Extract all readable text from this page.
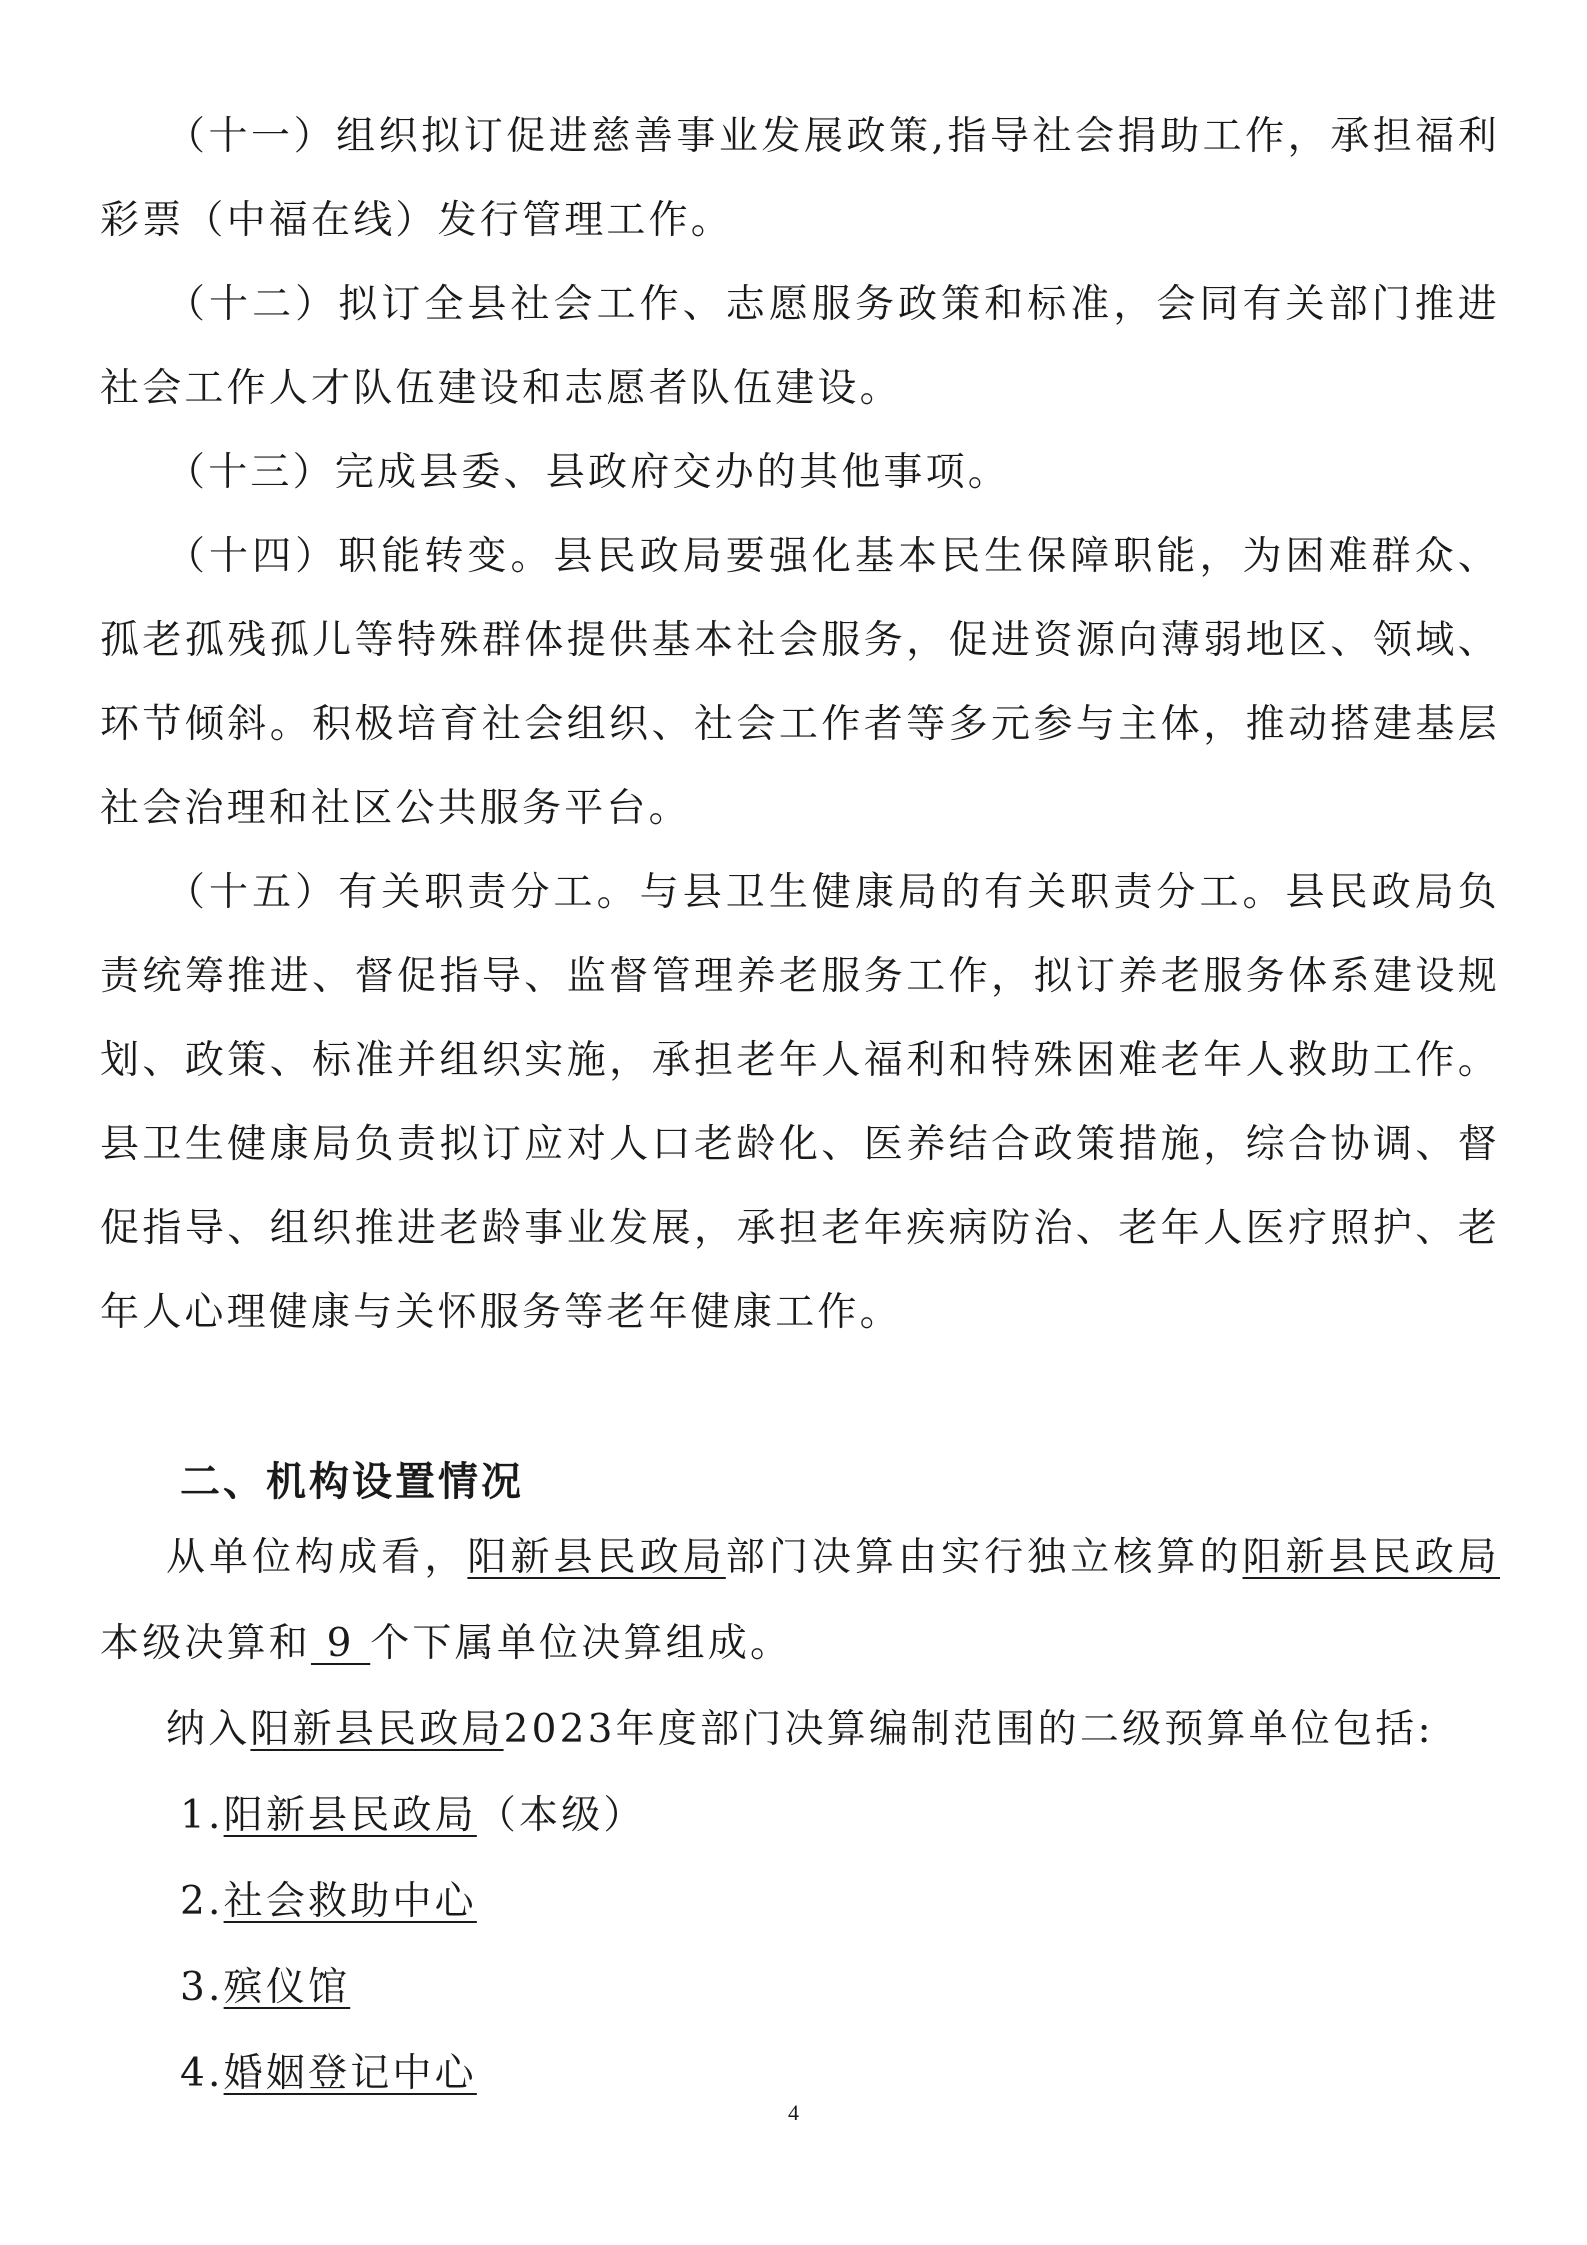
（十一）组织拟订促进慈善事业发展政策,指导社会捐助工作，承担福利彩票（中福在线）发行管理工作。

（十二）拟订全县社会工作、志愿服务政策和标准，会同有关部门推进社会工作人才队伍建设和志愿者队伍建设。

（十三）完成县委、县政府交办的其他事项。

（十四）职能转变。县民政局要强化基本民生保障职能，为困难群众、孤老孤残孤儿等特殊群体提供基本社会服务，促进资源向薄弱地区、领域、环节倾斜。积极培育社会组织、社会工作者等多元参与主体，推动搭建基层社会治理和社区公共服务平台。

（十五）有关职责分工。与县卫生健康局的有关职责分工。县民政局负责统筹推进、督促指导、监督管理养老服务工作，拟订养老服务体系建设规划、政策、标准并组织实施，承担老年人福利和特殊困难老年人救助工作。县卫生健康局负责拟订应对人口老龄化、医养结合政策措施，综合协调、督促指导、组织推进老龄事业发展，承担老年疾病防治、老年人医疗照护、老年人心理健康与关怀服务等老年健康工作。

二、机构设置情况

从单位构成看，阳新县民政局部门决算由实行独立核算的阳新县民政局本级决算和 9 个下属单位决算组成。

纳入阳新县民政局2023年度部门决算编制范围的二级预算单位包括:

1.阳新县民政局（本级）

2.社会救助中心

3.殡仪馆

4.婚姻登记中心

4
